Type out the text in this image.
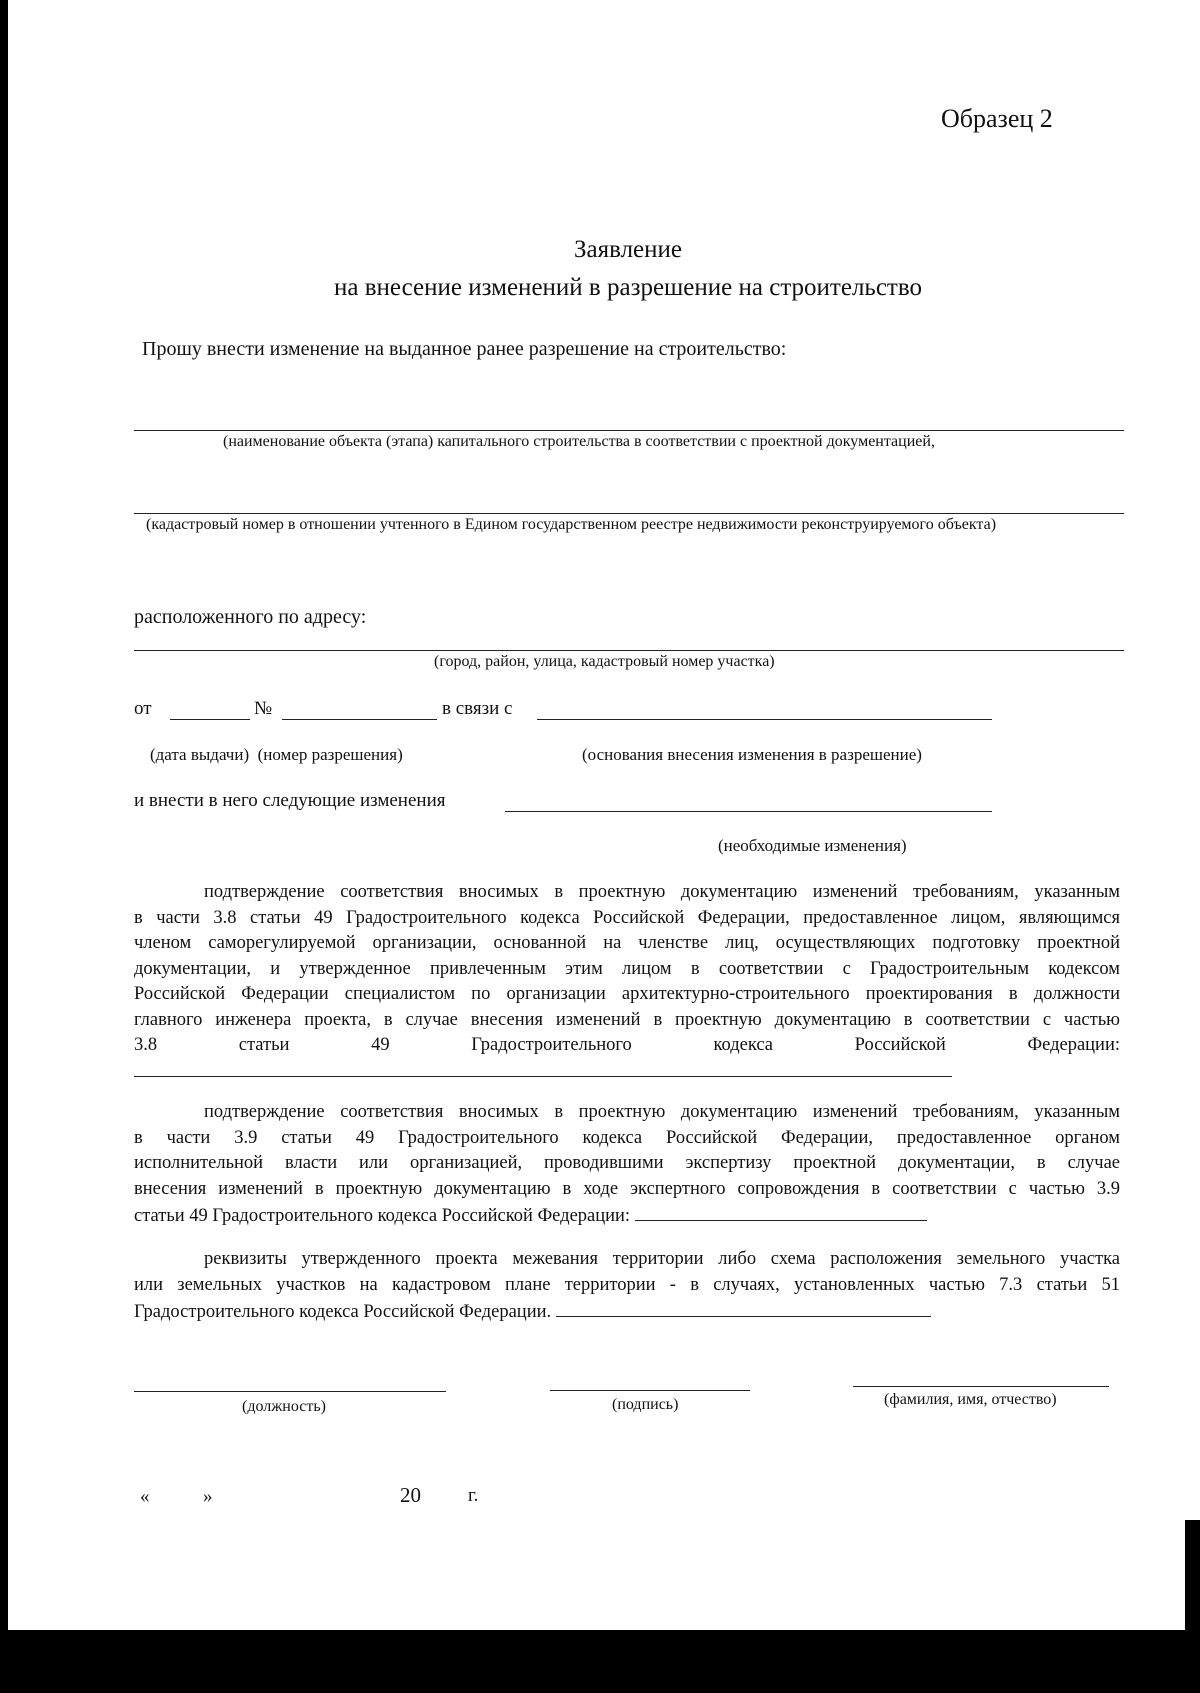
Образец 2
Заявление
на внесение изменений в разрешение на строительство
Прошу внести изменение на выданное ранее разрешение на строительство:
(наименование объекта (этапа) капитального строительства в соответствии с проектной документацией,
(кадастровый номер в отношении учтенного в Едином государственном реестре недвижимости реконструируемого объекта)
расположенного по адресу:
(город, район, улица, кадастровый номер участка)
от	№	в связи с
(дата выдачи)  (номер разрешения)	(основания внесения изменения в разрешение)
и внести в него следующие изменения
(необходимые изменения)
подтверждение соответствия вносимых в проектную документацию изменений требованиям, указанным
в части 3.8 статьи 49 Градостроительного кодекса Российской Федерации, предоставленное лицом, являющимся
членом саморегулируемой организации, основанной на членстве лиц, осуществляющих подготовку проектной
документации, и утвержденное привлеченным этим лицом в соответствии с Градостроительным кодексом
Российской Федерации специалистом по организации архитектурно-строительного проектирования в должности
главного инженера проекта, в случае внесения изменений в проектную документацию в соответствии с частью
3.8 статьи 49 Градостроительного кодекса Российской Федерации:
подтверждение соответствия вносимых в проектную документацию изменений требованиям, указанным
в части 3.9 статьи 49 Градостроительного кодекса Российской Федерации, предоставленное органом
исполнительной власти или организацией, проводившими экспертизу проектной документации, в случае
внесения изменений в проектную документацию в ходе экспертного сопровождения в соответствии с частью 3.9
статьи 49 Градостроительного кодекса Российской Федерации:
реквизиты утвержденного проекта межевания территории либо схема расположения земельного участка
или земельных участков на кадастровом плане территории - в случаях, установленных частью 7.3 статьи 51
Градостроительного кодекса Российской Федерации.
(должность)	(подпись)	(фамилия, имя, отчество)
«	»	20 г.
